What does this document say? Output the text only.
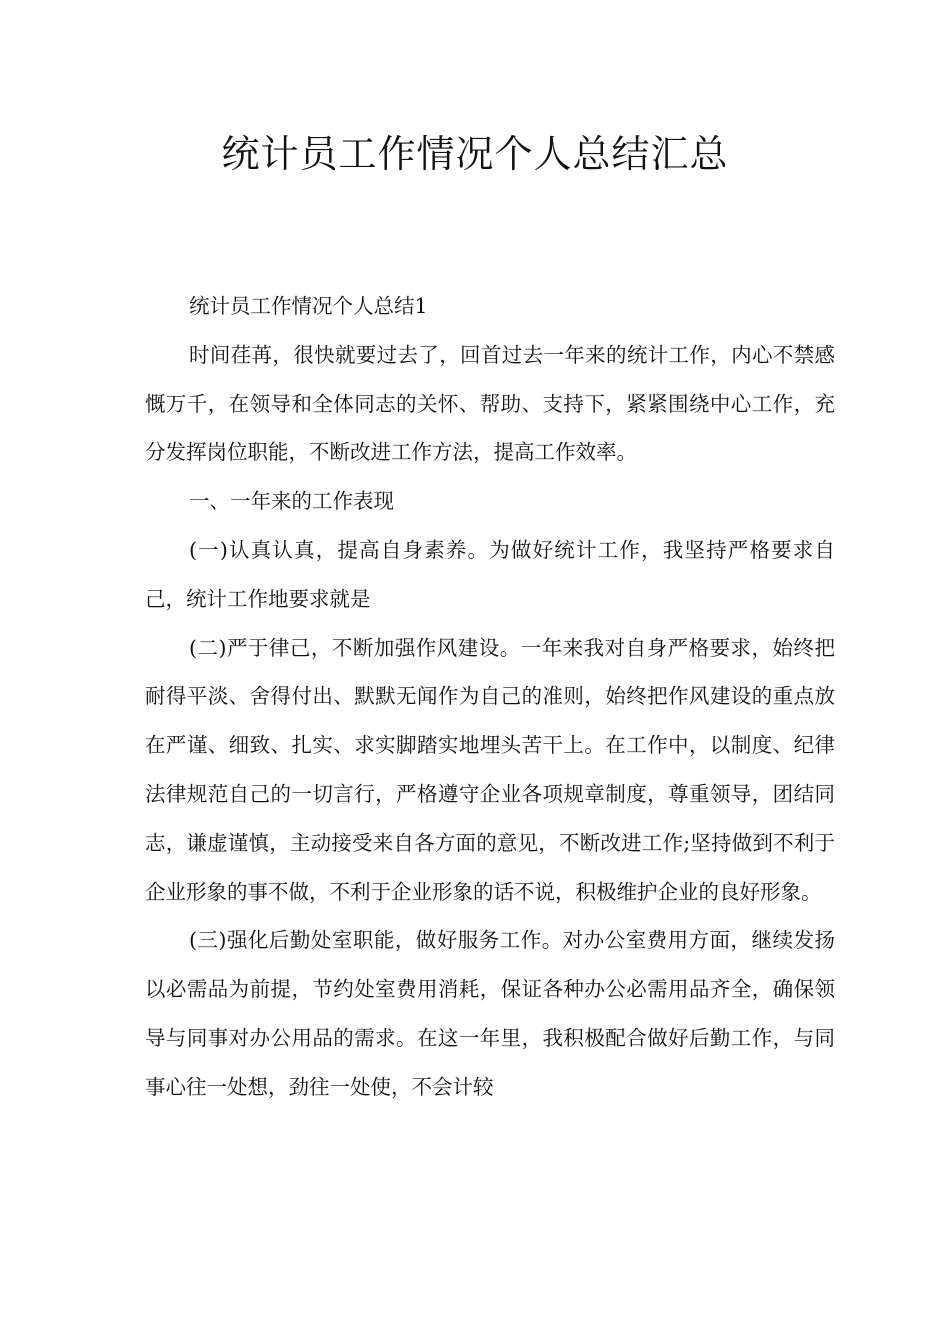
统计员工作情况个人总结汇总

统计员工作情况个人总结1

时间荏苒，很快就要过去了，回首过去一年来的统计工作，内心不禁感慨万千，在领导和全体同志的关怀、帮助、支持下，紧紧围绕中心工作，充分发挥岗位职能，不断改进工作方法，提高工作效率。

一、一年来的工作表现

(一)认真认真，提高自身素养。为做好统计工作，我坚持严格要求自己，统计工作地要求就是

(二)严于律己，不断加强作风建设。一年来我对自身严格要求，始终把耐得平淡、舍得付出、默默无闻作为自己的准则，始终把作风建设的重点放在严谨、细致、扎实、求实脚踏实地埋头苦干上。在工作中，以制度、纪律法律规范自己的一切言行，严格遵守企业各项规章制度，尊重领导，团结同志，谦虚谨慎，主动接受来自各方面的意见，不断改进工作;坚持做到不利于企业形象的事不做，不利于企业形象的话不说，积极维护企业的良好形象。

(三)强化后勤处室职能，做好服务工作。对办公室费用方面，继续发扬以必需品为前提，节约处室费用消耗，保证各种办公必需用品齐全，确保领导与同事对办公用品的需求。在这一年里，我积极配合做好后勤工作，与同事心往一处想，劲往一处使，不会计较
